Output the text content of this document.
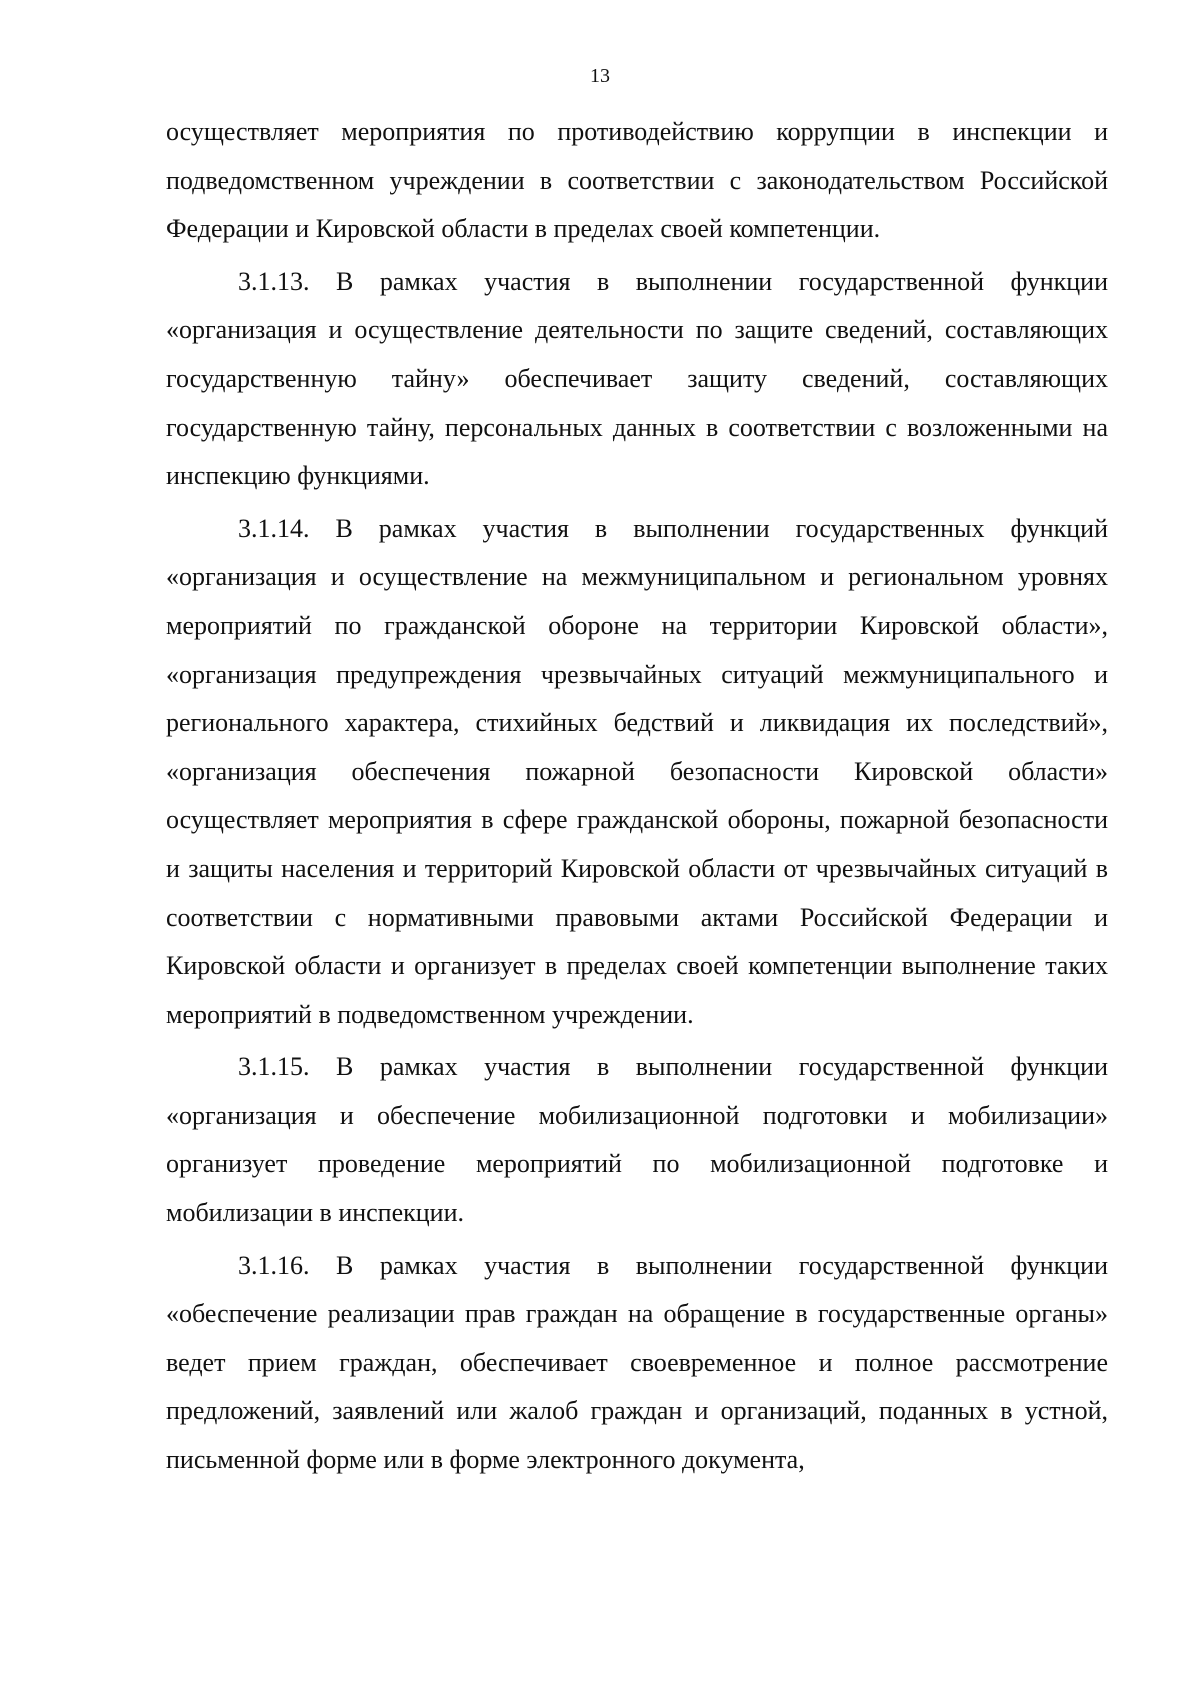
13

осуществляет мероприятия по противодействию коррупции в инспекции и подведомственном учреждении в соответствии с законодательством Российской Федерации и Кировской области в пределах своей компетенции.

3.1.13. В рамках участия в выполнении государственной функции «организация и осуществление деятельности по защите сведений, составляющих государственную тайну» обеспечивает защиту сведений, составляющих государственную тайну, персональных данных в соответствии с возложенными на инспекцию функциями.

3.1.14. В рамках участия в выполнении государственных функций «организация и осуществление на межмуниципальном и региональном уровнях мероприятий по гражданской обороне на территории Кировской области», «организация предупреждения чрезвычайных ситуаций межмуниципального и регионального характера, стихийных бедствий и ликвидация их последствий», «организация обеспечения пожарной безопасности Кировской области» осуществляет мероприятия в сфере гражданской обороны, пожарной безопасности и защиты населения и территорий Кировской области от чрезвычайных ситуаций в соответствии с нормативными правовыми актами Российской Федерации и Кировской области и организует в пределах своей компетенции выполнение таких мероприятий в подведомственном учреждении.

3.1.15. В рамках участия в выполнении государственной функции «организация и обеспечение мобилизационной подготовки и мобилизации» организует проведение мероприятий по мобилизационной подготовке и мобилизации в инспекции.

3.1.16. В рамках участия в выполнении государственной функции «обеспечение реализации прав граждан на обращение в государственные органы» ведет прием граждан, обеспечивает своевременное и полное рассмотрение предложений, заявлений или жалоб граждан и организаций, поданных в устной, письменной форме или в форме электронного документа,
